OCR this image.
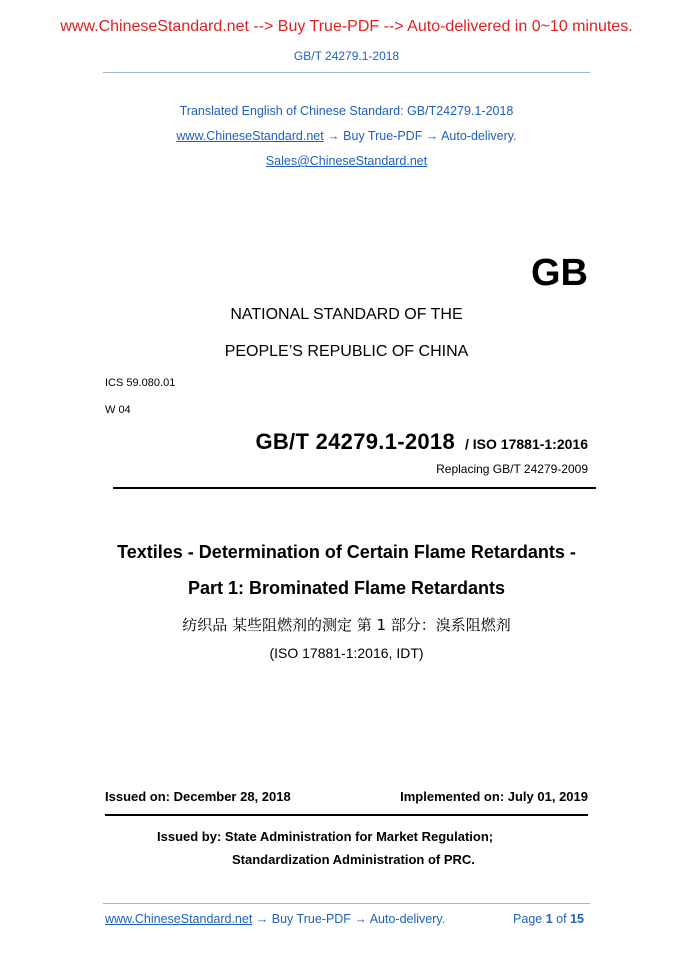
www.ChineseStandard.net --> Buy True-PDF --> Auto-delivered in 0~10 minutes.
GB/T 24279.1-2018
Translated English of Chinese Standard: GB/T24279.1-2018
www.ChineseStandard.net → Buy True-PDF → Auto-delivery.
Sales@ChineseStandard.net
GB
NATIONAL STANDARD OF THE
PEOPLE’S REPUBLIC OF CHINA
ICS 59.080.01
W 04
GB/T 24279.1-2018 / ISO 17881-1:2016
Replacing GB/T 24279-2009
Textiles - Determination of Certain Flame Retardants -
Part 1: Brominated Flame Retardants
纺织品 某些阻燃剂的测定 第 1 部分：溴系阻燃剂
(ISO 17881-1:2016, IDT)
Issued on: December 28, 2018	Implemented on: July 01, 2019
Issued by: State Administration for Market Regulation;
Standardization Administration of PRC.
www.ChineseStandard.net → Buy True-PDF → Auto-delivery.	Page 1 of 15
